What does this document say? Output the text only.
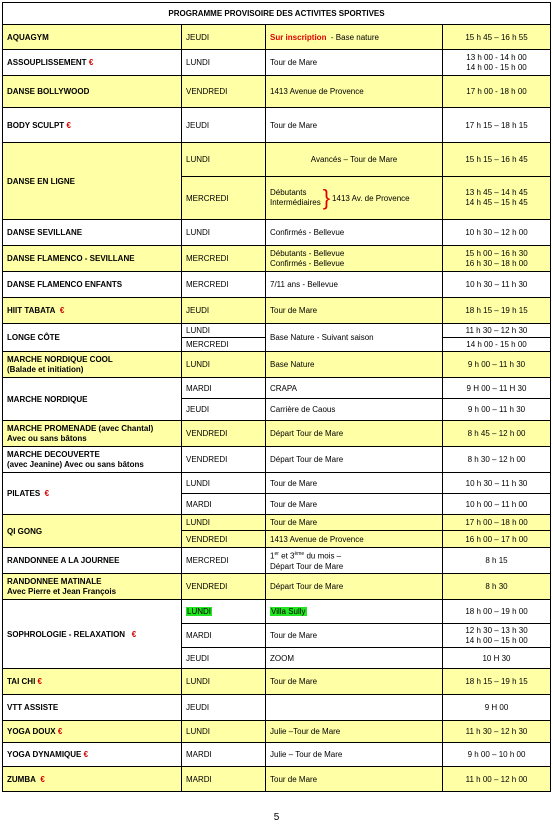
PROGRAMME PROVISOIRE DES ACTIVITES SPORTIVES			
AQUAGYM	JEUDI	Sur inscription - Base nature	15 h 45 – 16 h 55
ASSOUPLISSEMENT €	LUNDI	Tour de Mare	13 h 00 - 14 h 00
14 h 00 - 15 h 00

DANSE BOLLYWOOD	VENDREDI	1413 Avenue de Provence	17 h 00 - 18 h 00
BODY SCULPT €	JEUDI	Tour de Mare	17 h 15 – 18 h 15
DANSE EN LIGNE	LUNDI	Avancés – Tour de Mare	15 h 15 – 16 h 45
	MERCREDI	Débutants
Intermédiaires } 1413 Av. de Provence	13 h 45 – 14 h 45
14 h 45 – 15 h 45

DANSE SEVILLANE	LUNDI	Confirmés - Bellevue	10 h 30 – 12 h 00
DANSE FLAMENCO - SEVILLANE	MERCREDI	Débutants - Bellevue
Confirmés - Bellevue	15 h 00 – 16 h 30
16 h 30 – 18 h 00

DANSE FLAMENCO ENFANTS	MERCREDI	7/11 ans - Bellevue	10 h 30 – 11 h 30
HIIT TABATA €	JEUDI	Tour de Mare	18 h 15 – 19 h 15
LONGE CÔTE	LUNDI	Base Nature - Suivant saison	11 h 30 – 12 h 30
	MERCREDI		14 h 00 - 15 h 00

MARCHE NORDIQUE COOL
(Balade et initiation)	LUNDI	Base Nature	9 h 00 – 11 h 30
MARCHE NORDIQUE	MARDI	CRAPA	9 H 00 – 11 H 30
	JEUDI	Carrière de Caous	9 h 00 – 11 h 30

MARCHE PROMENADE (avec Chantal)
Avec ou sans bâtons	VENDREDI	Départ Tour de Mare	8 h 45 – 12 h 00

MARCHE DECOUVERTE
(avec Jeanine) Avec ou sans bâtons	VENDREDI	Départ Tour de Mare	8 h 30 – 12 h 00
PILATES €	LUNDI	Tour de Mare	10 h 30 – 11 h 30
	MARDI	Tour de Mare	10 h 00 – 11 h 00
QI GONG	LUNDI	Tour de Mare	17 h 00 – 18 h 00
	VENDREDI	1413 Avenue de Provence	16 h 00 – 17 h 00
RANDONNEE A LA JOURNEE	MERCREDI	1er et 3ème du mois –
Départ Tour de Mare	8 h 15

RANDONNEE MATINALE
Avec Pierre et Jean François	VENDREDI	Départ Tour de Mare	8 h 30
SOPHROLOGIE - RELAXATION €	LUNDI	Villa Sully	18 h 00 – 19 h 00
	MARDI	Tour de Mare	12 h 30 – 13 h 30
14 h 00 – 15 h 00

	JEUDI	ZOOM	10 H 30
TAI CHI €	LUNDI	Tour de Mare	18 h 15 – 19 h 15
VTT ASSISTE	JEUDI		9 H 00
YOGA DOUX €	LUNDI	Julie –Tour de Mare	11 h 30 – 12 h 30
YOGA DYNAMIQUE €	MARDI	Julie – Tour de Mare	9 h 00 – 10 h 00
ZUMBA €	MARDI	Tour de Mare	11 h 00 – 12 h 00
5
